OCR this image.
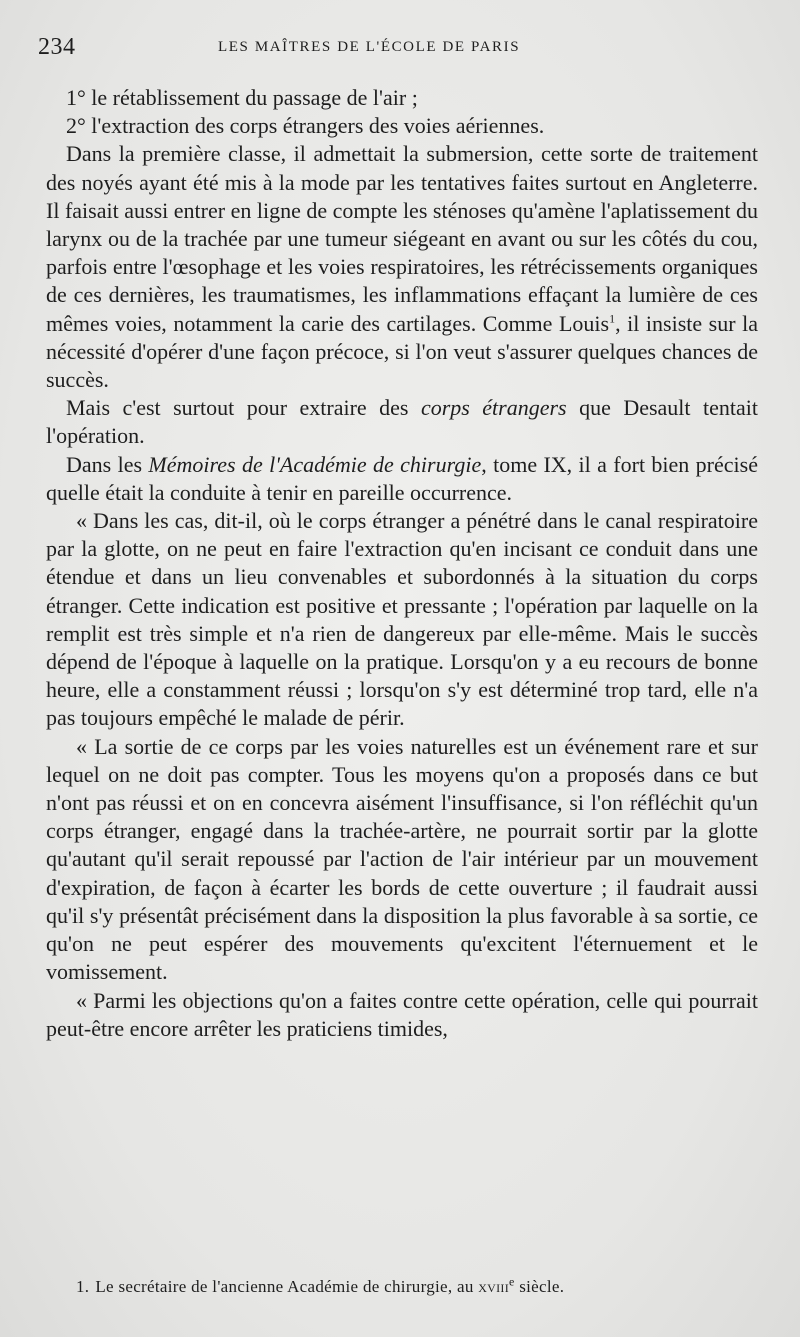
234	LES MAÎTRES DE L'ÉCOLE DE PARIS

1° le rétablissement du passage de l'air ;

2° l'extraction des corps étrangers des voies aériennes.

Dans la première classe, il admettait la submersion, cette sorte de traitement des noyés ayant été mis à la mode par les tentatives faites surtout en Angleterre. Il faisait aussi entrer en ligne de compte les sténoses qu'amène l'aplatissement du larynx ou de la trachée par une tumeur siégeant en avant ou sur les côtés du cou, parfois entre l'œsophage et les voies respiratoires, les rétrécissements organiques de ces dernières, les traumatismes, les inflammations effaçant la lumière de ces mêmes voies, notamment la carie des cartilages. Comme Louis$^1$, il insiste sur la nécessité d'opérer d'une façon précoce, si l'on veut s'assurer quelques chances de succès.

Mais c'est surtout pour extraire des corps étrangers que Desault tentait l'opération.

Dans les Mémoires de l'Académie de chirurgie, tome IX, il a fort bien précisé quelle était la conduite à tenir en pareille occurrence.

« Dans les cas, dit-il, où le corps étranger a pénétré dans le canal respiratoire par la glotte, on ne peut en faire l'extraction qu'en incisant ce conduit dans une étendue et dans un lieu convenables et subordonnés à la situation du corps étranger. Cette indication est positive et pressante ; l'opération par laquelle on la remplit est très simple et n'a rien de dangereux par elle-même. Mais le succès dépend de l'époque à laquelle on la pratique. Lorsqu'on y a eu recours de bonne heure, elle a constamment réussi ; lorsqu'on s'y est déterminé trop tard, elle n'a pas toujours empêché le malade de périr.

« La sortie de ce corps par les voies naturelles est un événement rare et sur lequel on ne doit pas compter. Tous les moyens qu'on a proposés dans ce but n'ont pas réussi et on en concevra aisément l'insuffisance, si l'on réfléchit qu'un corps étranger, engagé dans la trachée-artère, ne pourrait sortir par la glotte qu'autant qu'il serait repoussé par l'action de l'air intérieur par un mouvement d'expiration, de façon à écarter les bords de cette ouverture ; il faudrait aussi qu'il s'y présentât précisément dans la disposition la plus favorable à sa sortie, ce qu'on ne peut espérer des mouvements qu'excitent l'éternuement et le vomissement.

« Parmi les objections qu'on a faites contre cette opération, celle qui pourrait peut-être encore arrêter les praticiens timides,

1. Le secrétaire de l'ancienne Académie de chirurgie, au xviii$^e$ siècle.
